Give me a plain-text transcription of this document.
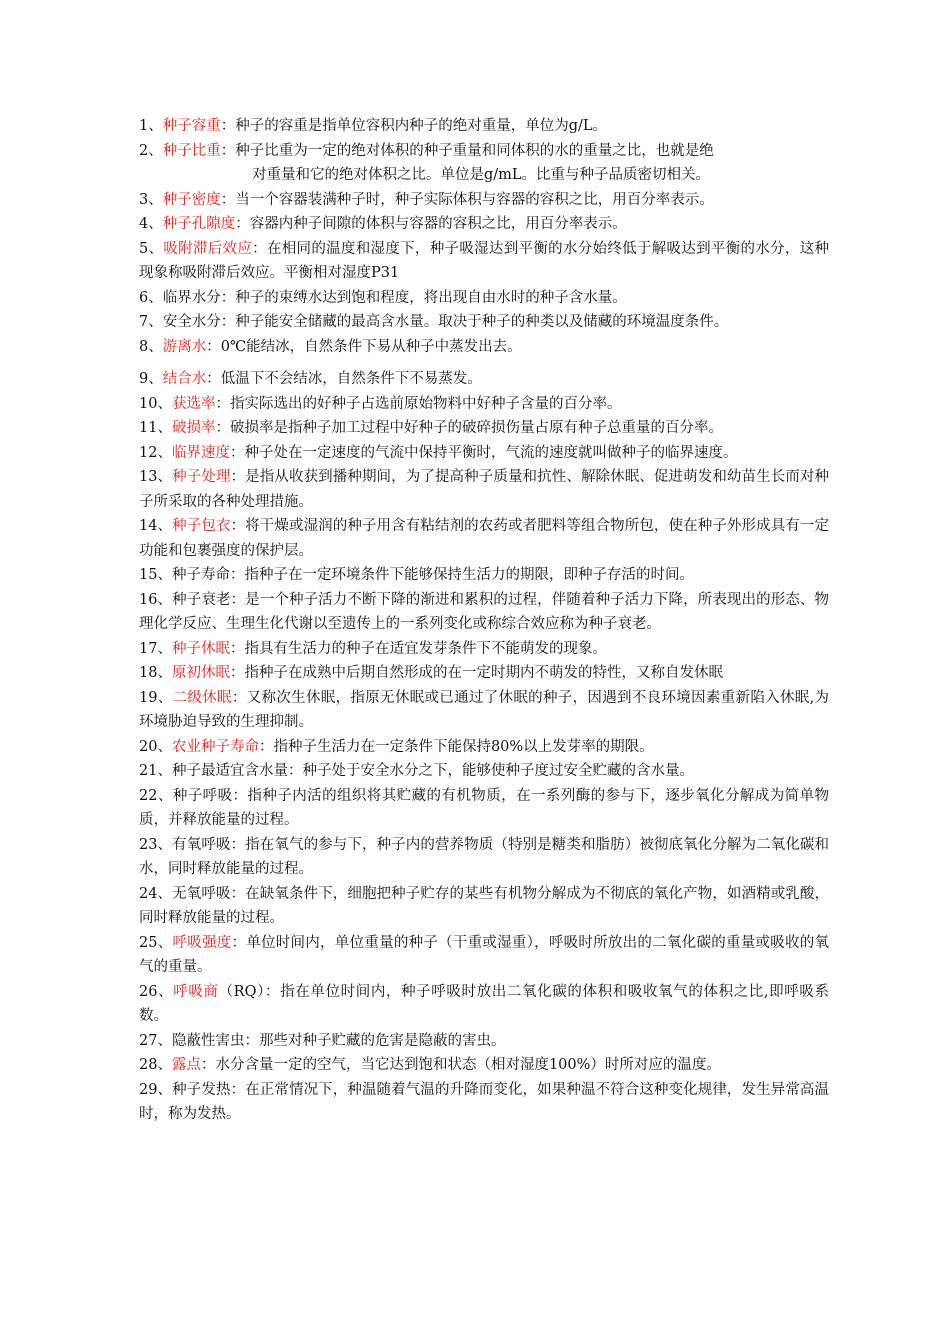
1、种子容重：种子的容重是指单位容积内种子的绝对重量，单位为g/L。

2、种子比重：种子比重为一定的绝对体积的种子重量和同体积的水的重量之比，也就是绝
对重量和它的绝对体积之比。单位是g/mL。比重与种子品质密切相关。

3、种子密度：当一个容器装满种子时，种子实际体积与容器的容积之比，用百分率表示。

4、种子孔隙度：容器内种子间隙的体积与容器的容积之比，用百分率表示。

5、吸附滞后效应：在相同的温度和湿度下，种子吸湿达到平衡的水分始终低于解吸达到平衡的水分，这种现象称吸附滞后效应。平衡相对湿度P31

6、临界水分：种子的束缚水达到饱和程度，将出现自由水时的种子含水量。

7、安全水分：种子能安全储藏的最高含水量。取决于种子的种类以及储藏的环境温度条件。

8、游离水：0℃能结冰，自然条件下易从种子中蒸发出去。

9、结合水：低温下不会结冰，自然条件下不易蒸发。

10、获选率：指实际选出的好种子占选前原始物料中好种子含量的百分率。

11、破损率：破损率是指种子加工过程中好种子的破碎损伤量占原有种子总重量的百分率。

12、临界速度：种子处在一定速度的气流中保持平衡时，气流的速度就叫做种子的临界速度。

13、种子处理：是指从收获到播种期间，为了提高种子质量和抗性、解除休眠、促进萌发和幼苗生长而对种子所采取的各种处理措施。

14、种子包衣：将干燥或湿润的种子用含有粘结剂的农药或者肥料等组合物所包，使在种子外形成具有一定功能和包裹强度的保护层。

15、种子寿命：指种子在一定环境条件下能够保持生活力的期限，即种子存活的时间。

16、种子衰老：是一个种子活力不断下降的渐进和累积的过程，伴随着种子活力下降，所表现出的形态、物理化学反应、生理生化代谢以至遗传上的一系列变化或称综合效应称为种子衰老。

17、种子休眠：指具有生活力的种子在适宜发芽条件下不能萌发的现象。

18、原初休眠：指种子在成熟中后期自然形成的在一定时期内不萌发的特性，又称自发休眠

19、二级休眠：又称次生休眠，指原无休眠或已通过了休眠的种子，因遇到不良环境因素重新陷入休眠,为环境胁迫导致的生理抑制。

20、农业种子寿命：指种子生活力在一定条件下能保持80%以上发芽率的期限。

21、种子最适宜含水量：种子处于安全水分之下，能够使种子度过安全贮藏的含水量。

22、种子呼吸：指种子内活的组织将其贮藏的有机物质，在一系列酶的参与下，逐步氧化分解成为简单物质，并释放能量的过程。

23、有氧呼吸：指在氧气的参与下，种子内的营养物质（特别是糖类和脂肪）被彻底氧化分解为二氧化碳和水，同时释放能量的过程。

24、无氧呼吸：在缺氧条件下，细胞把种子贮存的某些有机物分解成为不彻底的氧化产物，如酒精或乳酸，同时释放能量的过程。

25、呼吸强度：单位时间内，单位重量的种子（干重或湿重），呼吸时所放出的二氧化碳的重量或吸收的氧气的重量。

26、呼吸商（RQ）：指在单位时间内，种子呼吸时放出二氧化碳的体积和吸收氧气的体积之比,即呼吸系数。

27、隐蔽性害虫：那些对种子贮藏的危害是隐蔽的害虫。

28、露点：水分含量一定的空气，当它达到饱和状态（相对湿度100%）时所对应的温度。

29、种子发热：在正常情况下，种温随着气温的升降而变化，如果种温不符合这种变化规律，发生异常高温时，称为发热。
